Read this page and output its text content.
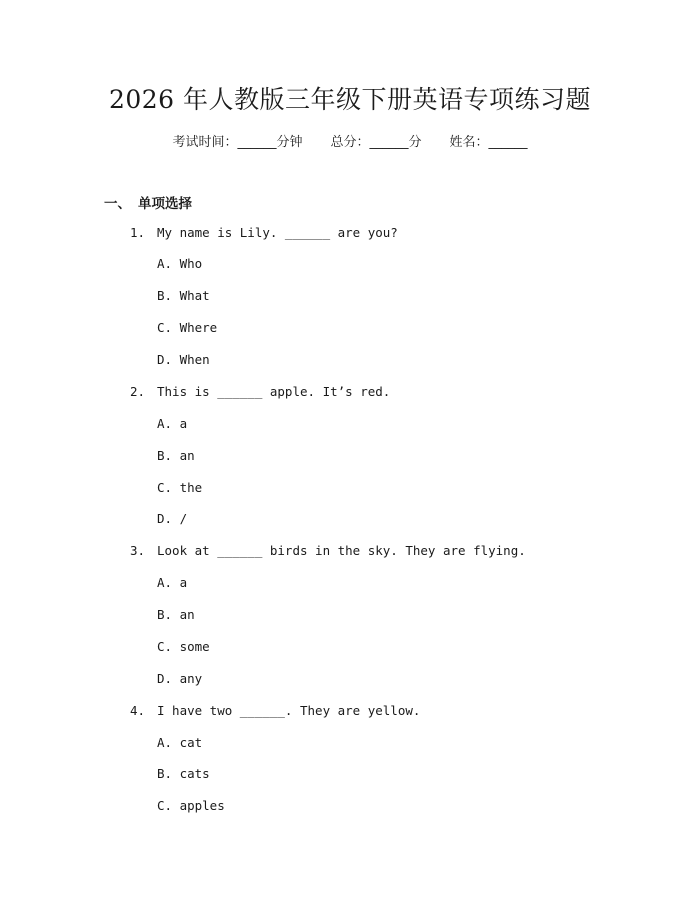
2026 年人教版三年级下册英语专项练习题
考试时间：______分钟 总分：______分 姓名：______
一、 单项选择
1. My name is Lily. ______ are you?
A. Who
B. What
C. Where
D. When
2. This is ______ apple. It’s red.
A. a
B. an
C. the
D. /
3. Look at ______ birds in the sky. They are flying.
A. a
B. an
C. some
D. any
4. I have two ______. They are yellow.
A. cat
B. cats
C. apples
